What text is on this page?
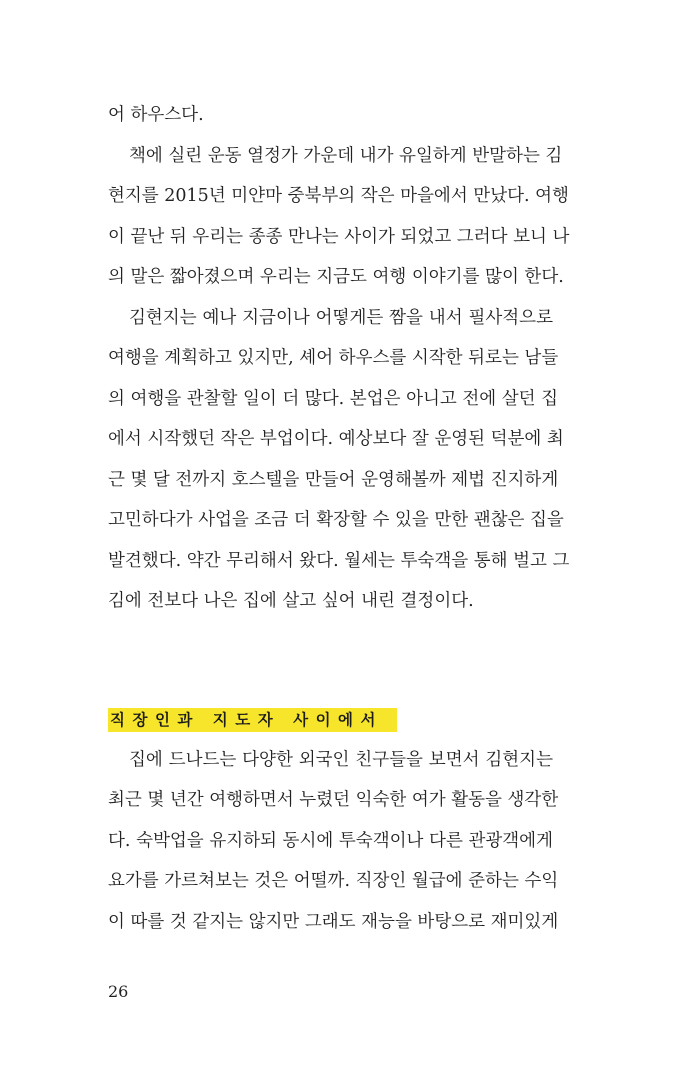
어 하우스다.
책에 실린 운동 열정가 가운데 내가 유일하게 반말하는 김
현지를 2015년 미얀마 중북부의 작은 마을에서 만났다. 여행
이 끝난 뒤 우리는 종종 만나는 사이가 되었고 그러다 보니 나
의 말은 짧아졌으며 우리는 지금도 여행 이야기를 많이 한다.
김현지는 예나 지금이나 어떻게든 짬을 내서 필사적으로
여행을 계획하고 있지만, 셰어 하우스를 시작한 뒤로는 남들
의 여행을 관찰할 일이 더 많다. 본업은 아니고 전에 살던 집
에서 시작했던 작은 부업이다. 예상보다 잘 운영된 덕분에 최
근 몇 달 전까지 호스텔을 만들어 운영해볼까 제법 진지하게
고민하다가 사업을 조금 더 확장할 수 있을 만한 괜찮은 집을
발견했다. 약간 무리해서 왔다. 월세는 투숙객을 통해 벌고 그
김에 전보다 나은 집에 살고 싶어 내린 결정이다.
직장인과 지도자 사이에서
집에 드나드는 다양한 외국인 친구들을 보면서 김현지는
최근 몇 년간 여행하면서 누렸던 익숙한 여가 활동을 생각한
다. 숙박업을 유지하되 동시에 투숙객이나 다른 관광객에게
요가를 가르쳐보는 것은 어떨까. 직장인 월급에 준하는 수익
이 따를 것 같지는 않지만 그래도 재능을 바탕으로 재미있게
26
